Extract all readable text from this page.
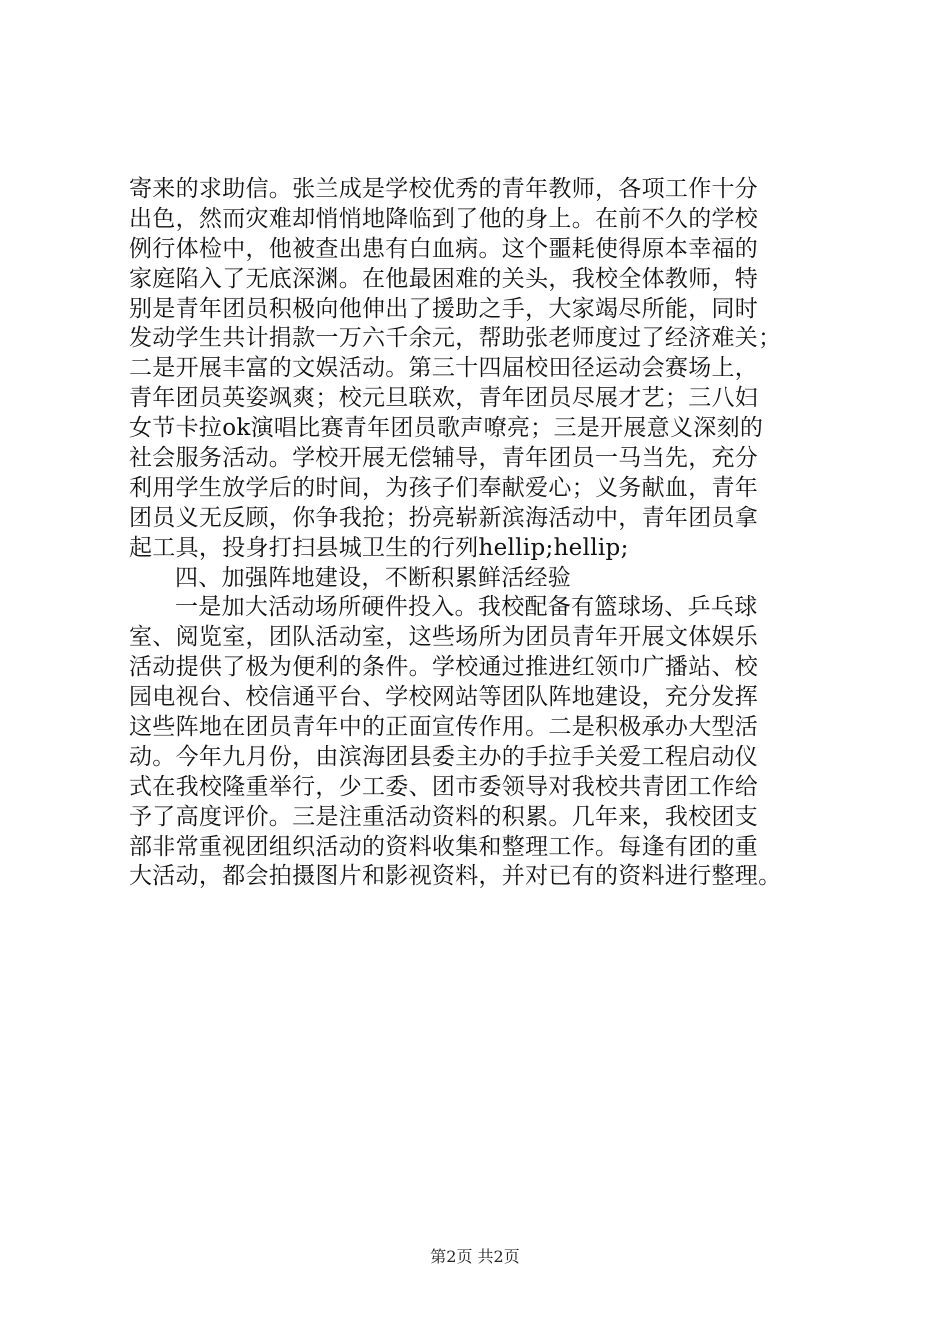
寄来的求助信。张兰成是学校优秀的青年教师，各项工作十分
出色，然而灾难却悄悄地降临到了他的身上。在前不久的学校
例行体检中，他被查出患有白血病。这个噩耗使得原本幸福的
家庭陷入了无底深渊。在他最困难的关头，我校全体教师，特
别是青年团员积极向他伸出了援助之手，大家竭尽所能，同时
发动学生共计捐款一万六千余元，帮助张老师度过了经济难关；
二是开展丰富的文娱活动。第三十四届校田径运动会赛场上，
青年团员英姿飒爽；校元旦联欢，青年团员尽展才艺；三八妇
女节卡拉ok演唱比赛青年团员歌声嘹亮；三是开展意义深刻的
社会服务活动。学校开展无偿辅导，青年团员一马当先，充分
利用学生放学后的时间，为孩子们奉献爱心；义务献血，青年
团员义无反顾，你争我抢；扮亮崭新滨海活动中，青年团员拿
起工具，投身打扫县城卫生的行列hellip;hellip;
四、加强阵地建设，不断积累鲜活经验
一是加大活动场所硬件投入。我校配备有篮球场、乒乓球
室、阅览室，团队活动室，这些场所为团员青年开展文体娱乐
活动提供了极为便利的条件。学校通过推进红领巾广播站、校
园电视台、校信通平台、学校网站等团队阵地建设，充分发挥
这些阵地在团员青年中的正面宣传作用。二是积极承办大型活
动。今年九月份，由滨海团县委主办的手拉手关爱工程启动仪
式在我校隆重举行，少工委、团市委领导对我校共青团工作给
予了高度评价。三是注重活动资料的积累。几年来，我校团支
部非常重视团组织活动的资料收集和整理工作。每逢有团的重
大活动，都会拍摄图片和影视资料，并对已有的资料进行整理。
第2页 共2页
